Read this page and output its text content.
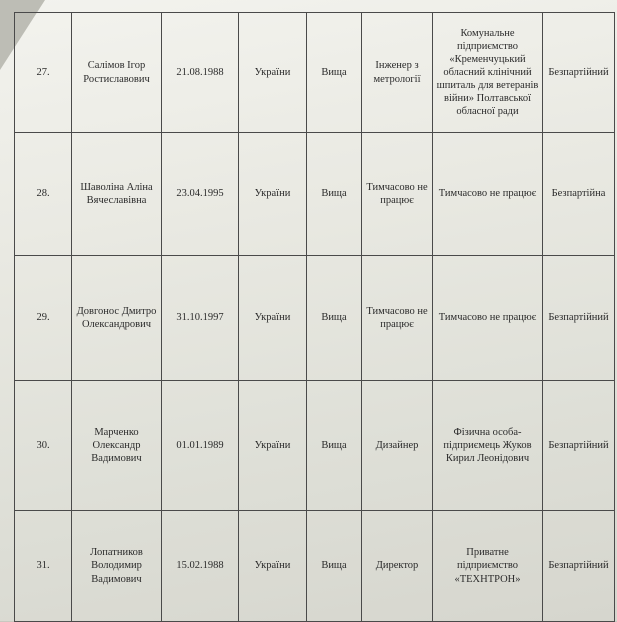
27.	Салімов Ігор Ростиславович	21.08.1988	України	Вища	Інженер з метрології	Комунальне підприємство «Кременчуцький обласний клінічний шпиталь для ветеранів війни» Полтавської обласної ради	Безпартійний
28.	Шаволіна Аліна Вячеславівна	23.04.1995	України	Вища	Тимчасово не працює	Тимчасово не працює	Безпартійна
29.	Довгонос Дмитро Олександрович	31.10.1997	України	Вища	Тимчасово не працює	Тимчасово не працює	Безпартійний
30.	Марченко Олександр Вадимович	01.01.1989	України	Вища	Дизайнер	Фізична особа-підприємець Жуков Кирил Леонідович	Безпартійний
31.	Лопатников Володимир Вадимович	15.02.1988	України	Вища	Директор	Приватне підприємство «ТЕХНТРОН»	Безпартійний
